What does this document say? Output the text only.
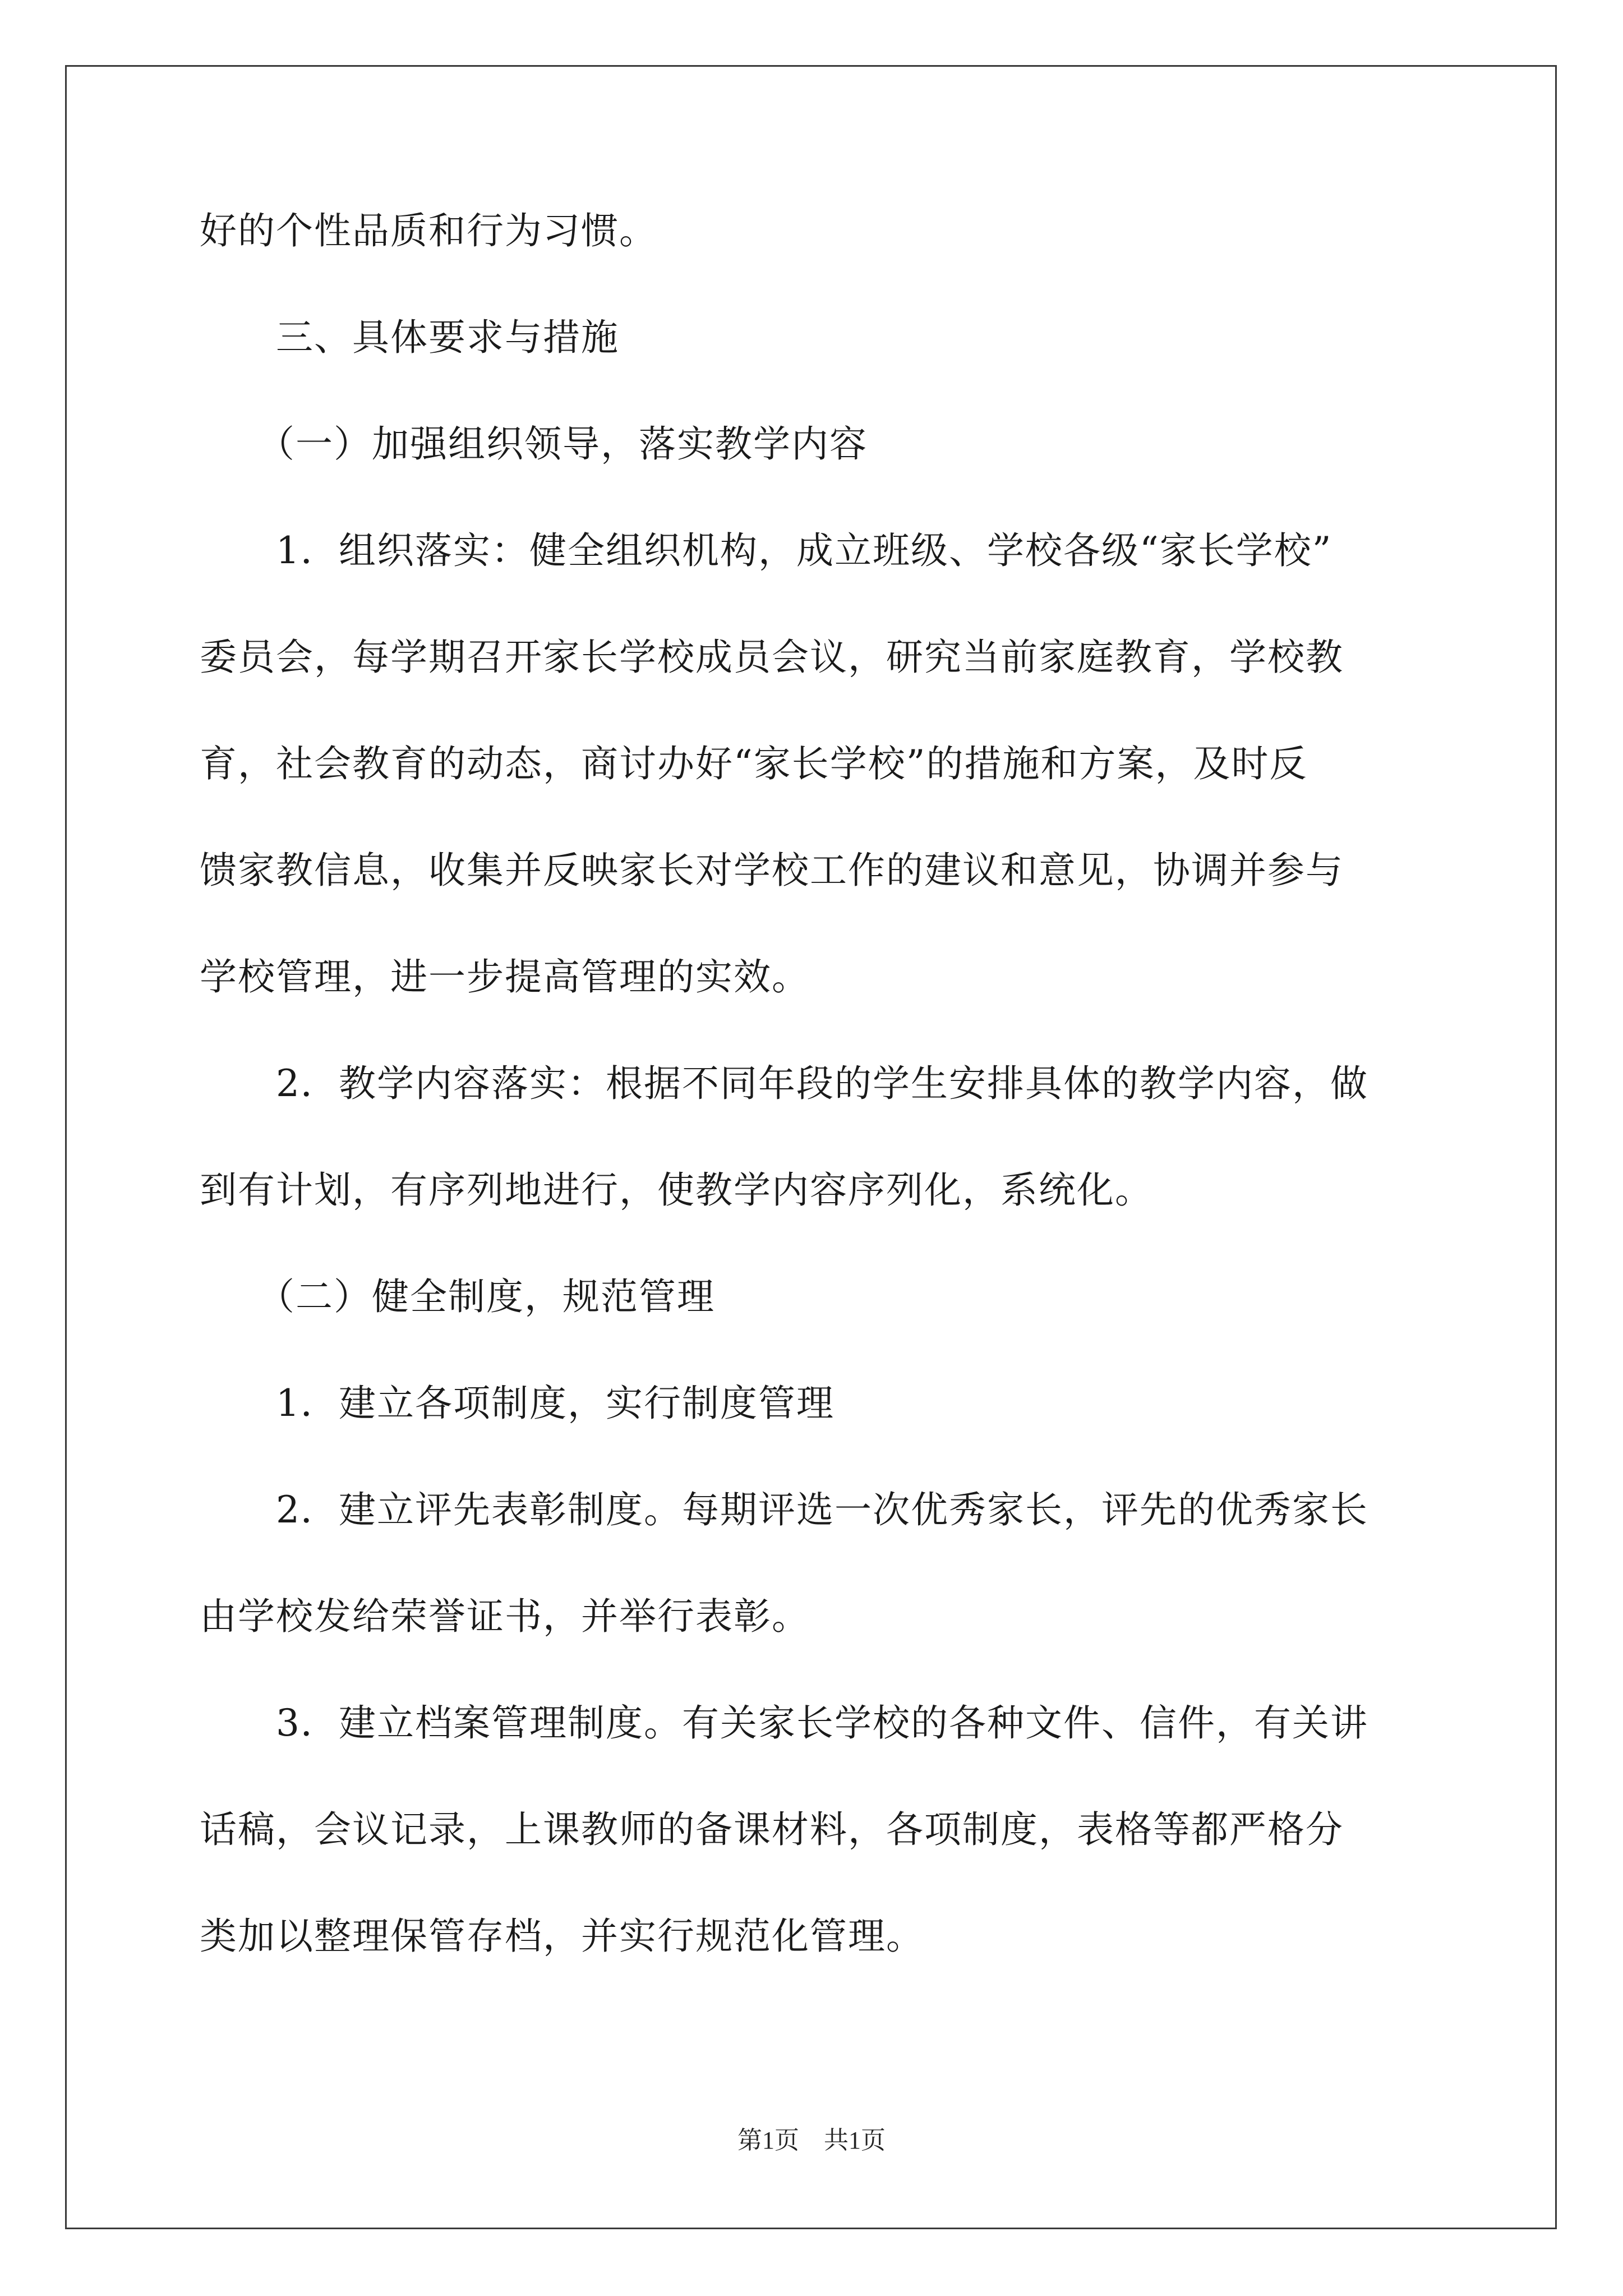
好的个性品质和行为习惯。

　　三、具体要求与措施

　　（一）加强组织领导，落实教学内容

　　1．组织落实：健全组织机构，成立班级、学校各级“家长学校”

委员会，每学期召开家长学校成员会议，研究当前家庭教育，学校教

育，社会教育的动态，商讨办好“家长学校”的措施和方案，及时反

馈家教信息，收集并反映家长对学校工作的建议和意见，协调并参与

学校管理，进一步提高管理的实效。

　　2．教学内容落实：根据不同年段的学生安排具体的教学内容，做

到有计划，有序列地进行，使教学内容序列化，系统化。

　　（二）健全制度，规范管理

　　1．建立各项制度，实行制度管理

　　2．建立评先表彰制度。每期评选一次优秀家长，评先的优秀家长

由学校发给荣誉证书，并举行表彰。

　　3．建立档案管理制度。有关家长学校的各种文件、信件，有关讲

话稿，会议记录，上课教师的备课材料，各项制度，表格等都严格分

类加以整理保管存档，并实行规范化管理。

第1页　共1页
